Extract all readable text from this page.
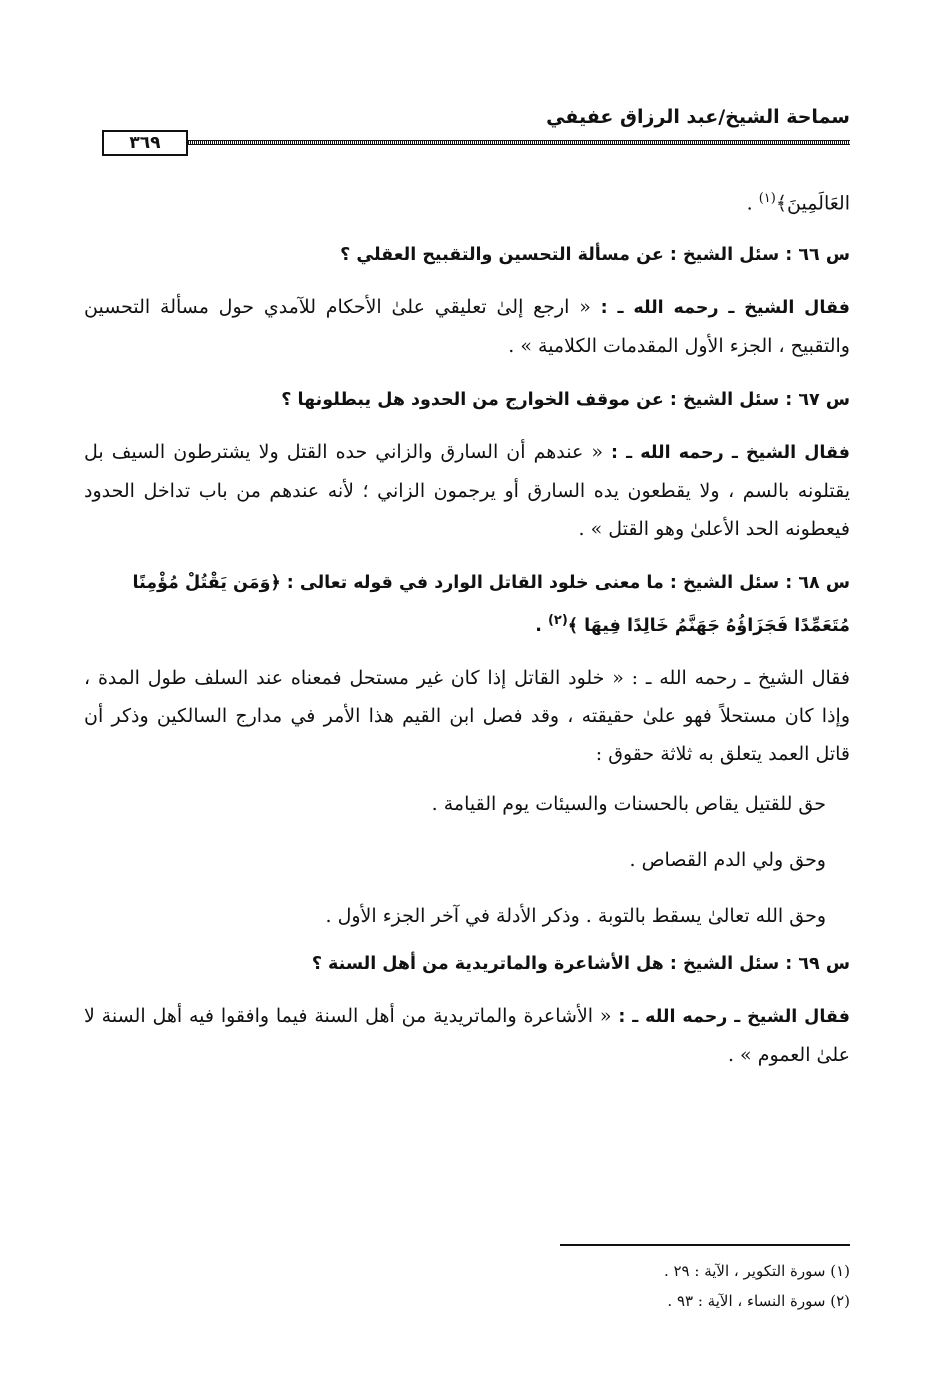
سماحة الشيخ/عبد الرزاق عفيفي
٣٦٩

العَالَمِينَ﴾$^{(١)}$ .

س ٦٦ : سئل الشيخ : عن مسألة التحسين والتقبيح العقلي ؟

فقال الشيخ ـ رحمه الله ـ : « ارجع إلىٰ تعليقي علىٰ الأحكام للآمدي حول مسألة التحسين والتقبيح ، الجزء الأول المقدمات الكلامية » .

س ٦٧ : سئل الشيخ : عن موقف الخوارج من الحدود هل يبطلونها ؟

فقال الشيخ ـ رحمه الله ـ : « عندهم أن السارق والزاني حده القتل ولا يشترطون السيف بل يقتلونه بالسم ، ولا يقطعون يده السارق أو يرجمون الزاني ؛ لأنه عندهم من باب تداخل الحدود فيعطونه الحد الأعلىٰ وهو القتل » .

س ٦٨ : سئل الشيخ : ما معنى خلود القاتل الوارد في قوله تعالى : ﴿وَمَن يَقْتُلْ مُؤْمِنًا مُتَعَمِّدًا فَجَزَاؤُهُ جَهَنَّمُ خَالِدًا فِيهَا ﴾$^{(٢)}$ .

فقال الشيخ ـ رحمه الله ـ : « خلود القاتل إذا كان غير مستحل فمعناه عند السلف طول المدة ، وإذا كان مستحلاً فهو علىٰ حقيقته ، وقد فصل ابن القيم هذا الأمر في مدارج السالكين وذكر أن قاتل العمد يتعلق به ثلاثة حقوق :

حق للقتيل يقاص بالحسنات والسيئات يوم القيامة .

وحق ولي الدم القصاص .

وحق الله تعالىٰ يسقط بالتوبة . وذكر الأدلة في آخر الجزء الأول .

س ٦٩ : سئل الشيخ : هل الأشاعرة والماتريدية من أهل السنة ؟

فقال الشيخ ـ رحمه الله ـ : « الأشاعرة والماتريدية من أهل السنة فيما وافقوا فيه أهل السنة لا علىٰ العموم » .

(١) سورة التكوير ، الآية : ٢٩ .

(٢) سورة النساء ، الآية : ٩٣ .
